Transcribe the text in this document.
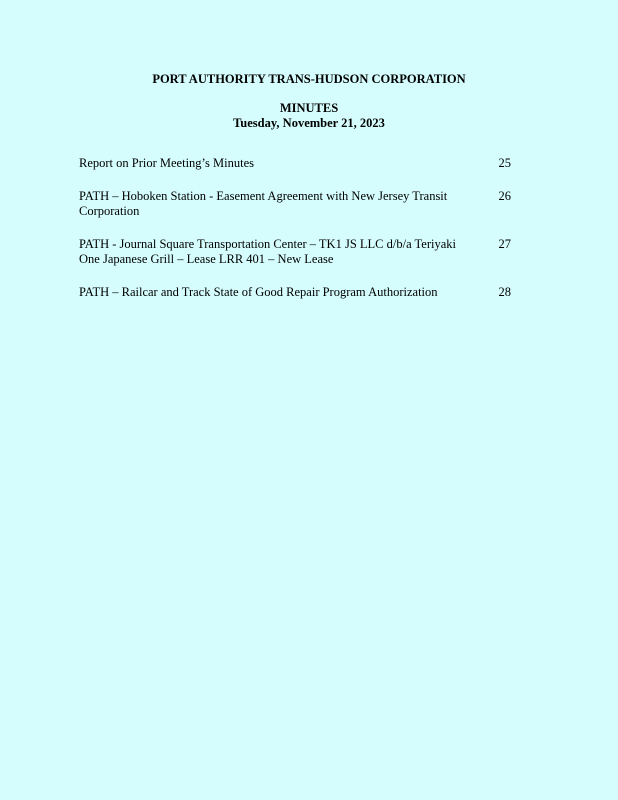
PORT AUTHORITY TRANS-HUDSON CORPORATION
MINUTES
Tuesday, November 21, 2023
Report on Prior Meeting’s Minutes	25
PATH – Hoboken Station - Easement Agreement with New Jersey Transit Corporation
26
PATH - Journal Square Transportation Center – TK1 JS LLC d/b/a Teriyaki One Japanese Grill – Lease LRR 401 – New Lease
27
PATH – Railcar and Track State of Good Repair Program Authorization	28
